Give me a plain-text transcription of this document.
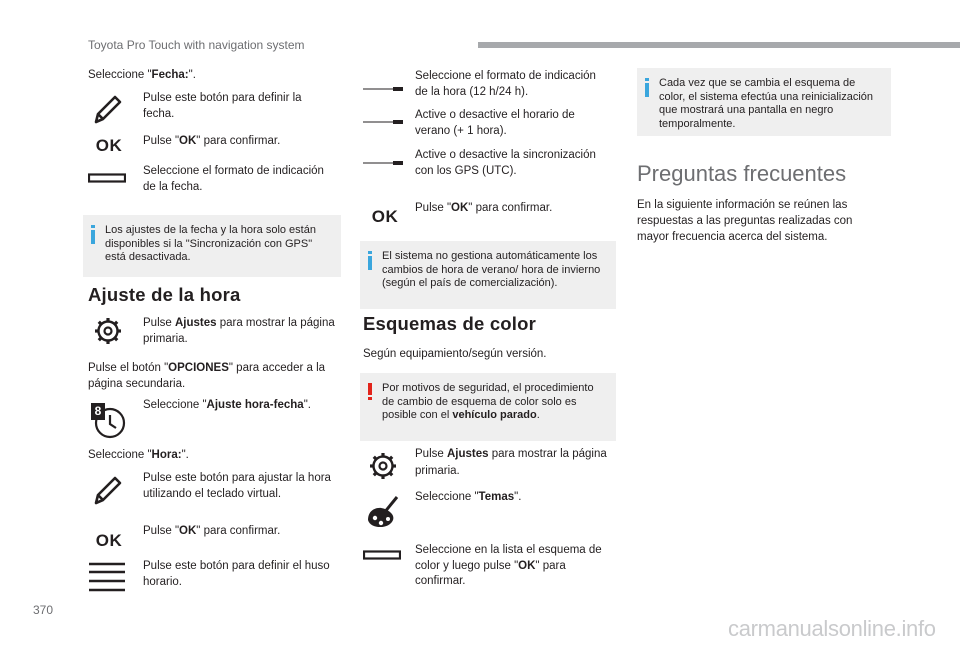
Toyota Pro Touch with navigation system
Seleccione "Fecha:".
Pulse este botón para definir la fecha.
OK	Pulse "OK" para confirmar.
Seleccione el formato de indicación de la fecha.
Los ajustes de la fecha y la hora solo están disponibles si la "Sincronización con GPS" está desactivada.
Ajuste de la hora
Pulse Ajustes para mostrar la página primaria.
Pulse el botón "OPCIONES" para acceder a la página secundaria.
8	Seleccione "Ajuste hora-fecha".
Seleccione "Hora:".
Pulse este botón para ajustar la hora utilizando el teclado virtual.
OK
Pulse "OK" para confirmar.
Pulse este botón para definir el huso horario.
Seleccione el formato de indicación de la hora (12 h/24 h).
Active o desactive el horario de verano (+ 1 hora).
Active o desactive la sincronización con los GPS (UTC).
OK	Pulse "OK" para confirmar.
El sistema no gestiona automáticamente los cambios de hora de verano/ hora de invierno (según el país de comercialización).
Esquemas de color
Según equipamiento/según versión.
Por motivos de seguridad, el procedimiento de cambio de esquema de color solo es posible con el vehículo parado.
Pulse Ajustes para mostrar la página primaria.
Seleccione "Temas".
Seleccione en la lista el esquema de color y luego pulse "OK" para confirmar.
Cada vez que se cambia el esquema de color, el sistema efectúa una reinicialización que mostrará una pantalla en negro temporalmente.
Preguntas frecuentes
En la siguiente información se reúnen las respuestas a las preguntas realizadas con mayor frecuencia acerca del sistema.
370
carmanualsonline.info
